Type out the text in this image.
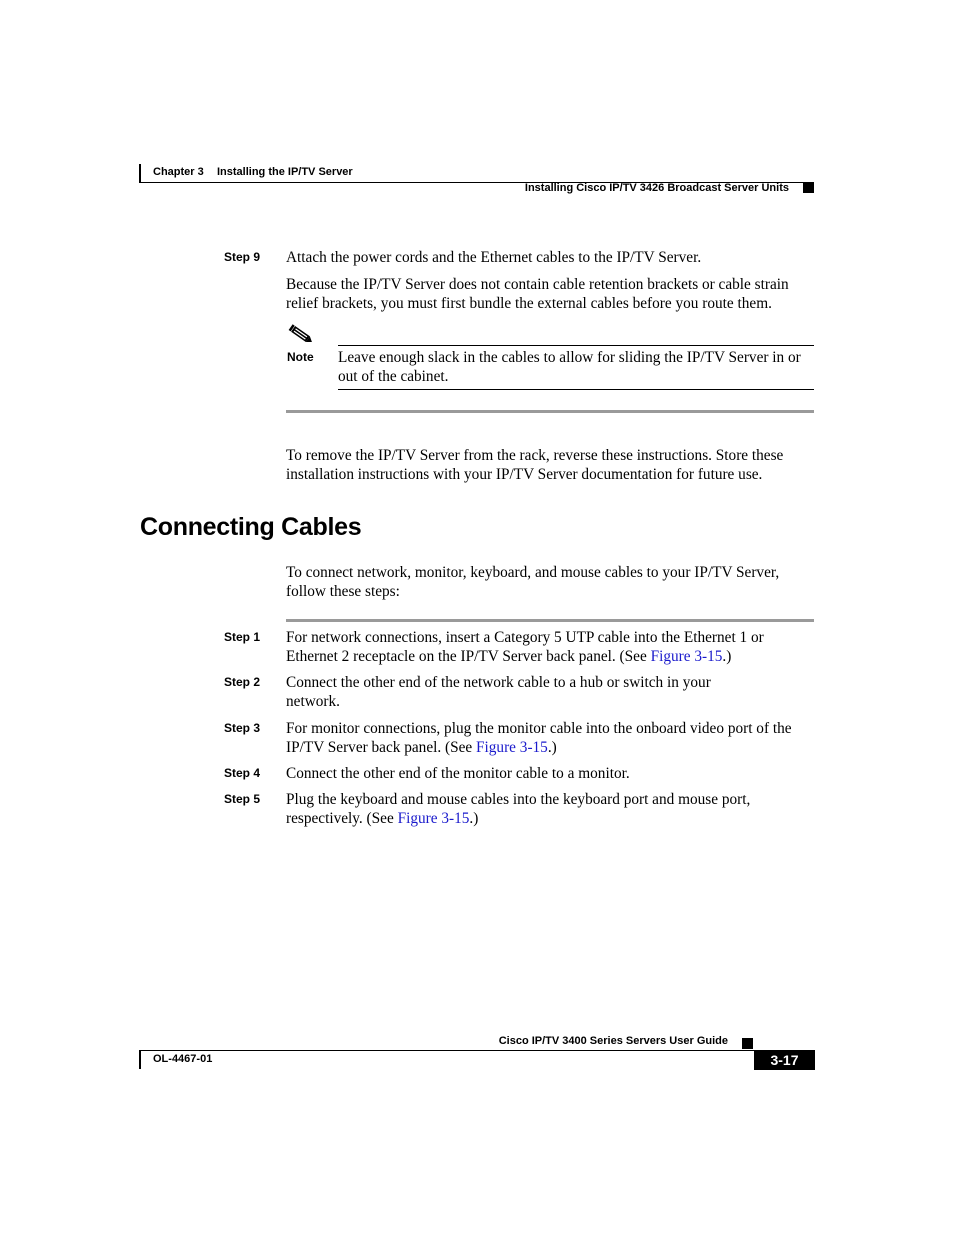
Chapter 3 Installing the IP/TV Server
Installing Cisco IP/TV 3426 Broadcast Server Units
Step 9 Attach the power cords and the Ethernet cables to the IP/TV Server.
Because the IP/TV Server does not contain cable retention brackets or cable strain relief brackets, you must first bundle the external cables before you route them.
Note Leave enough slack in the cables to allow for sliding the IP/TV Server in or out of the cabinet.
To remove the IP/TV Server from the rack, reverse these instructions. Store these installation instructions with your IP/TV Server documentation for future use.
Connecting Cables
To connect network, monitor, keyboard, and mouse cables to your IP/TV Server, follow these steps:
Step 1 For network connections, insert a Category 5 UTP cable into the Ethernet 1 or Ethernet 2 receptacle on the IP/TV Server back panel. (See Figure 3-15.)
Step 2 Connect the other end of the network cable to a hub or switch in your network.
Step 3 For monitor connections, plug the monitor cable into the onboard video port of the IP/TV Server back panel. (See Figure 3-15.)
Step 4 Connect the other end of the monitor cable to a monitor.
Step 5 Plug the keyboard and mouse cables into the keyboard port and mouse port, respectively. (See Figure 3-15.)
Cisco IP/TV 3400 Series Servers User Guide
OL-4467-01	3-17
